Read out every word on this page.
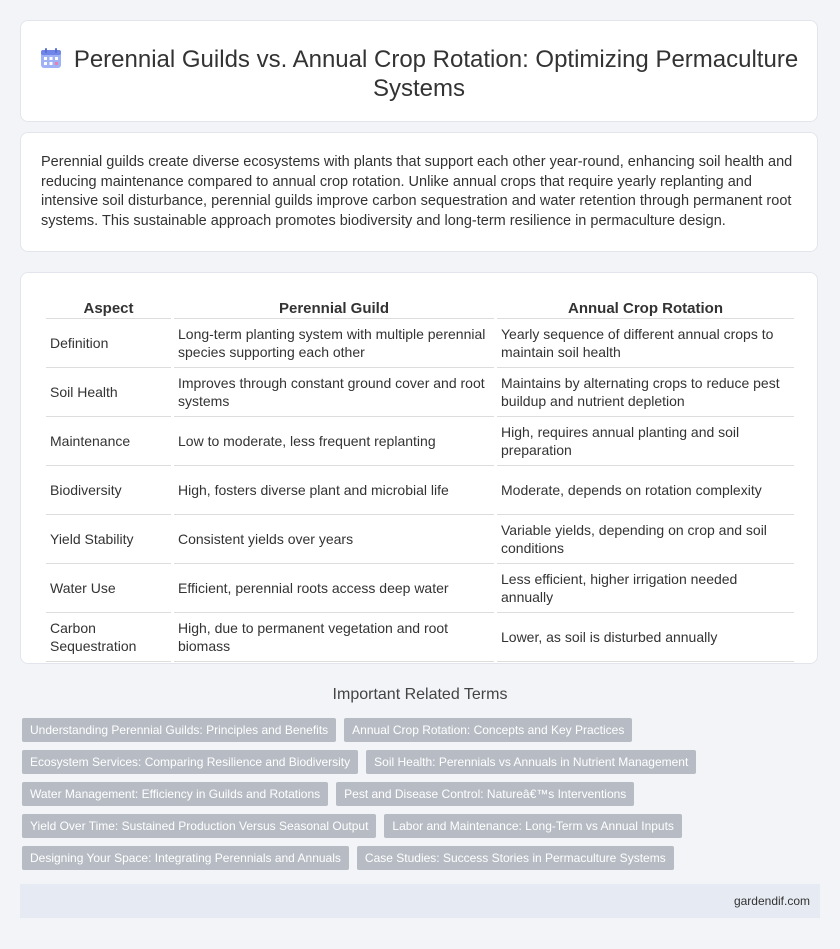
Perennial Guilds vs. Annual Crop Rotation: Optimizing Permaculture Systems
Perennial guilds create diverse ecosystems with plants that support each other year-round, enhancing soil health and reducing maintenance compared to annual crop rotation. Unlike annual crops that require yearly replanting and intensive soil disturbance, perennial guilds improve carbon sequestration and water retention through permanent root systems. This sustainable approach promotes biodiversity and long-term resilience in permaculture design.
Aspect	Perennial Guild	Annual Crop Rotation
Definition	Long-term planting system with multiple perennial species supporting each other	Yearly sequence of different annual crops to maintain soil health
Soil Health	Improves through constant ground cover and root systems	Maintains by alternating crops to reduce pest buildup and nutrient depletion
Maintenance	Low to moderate, less frequent replanting	High, requires annual planting and soil preparation
Biodiversity	High, fosters diverse plant and microbial life	Moderate, depends on rotation complexity
Yield Stability	Consistent yields over years	Variable yields, depending on crop and soil conditions
Water Use	Efficient, perennial roots access deep water	Less efficient, higher irrigation needed annually
Carbon Sequestration	High, due to permanent vegetation and root biomass	Lower, as soil is disturbed annually
Important Related Terms
Understanding Perennial Guilds: Principles and Benefits	Annual Crop Rotation: Concepts and Key Practices
Ecosystem Services: Comparing Resilience and Biodiversity	Soil Health: Perennials vs Annuals in Nutrient Management
Water Management: Efficiency in Guilds and Rotations	Pest and Disease Control: Natureâ€™s Interventions
Yield Over Time: Sustained Production Versus Seasonal Output	Labor and Maintenance: Long-Term vs Annual Inputs
Designing Your Space: Integrating Perennials and Annuals	Case Studies: Success Stories in Permaculture Systems
gardendif.com
